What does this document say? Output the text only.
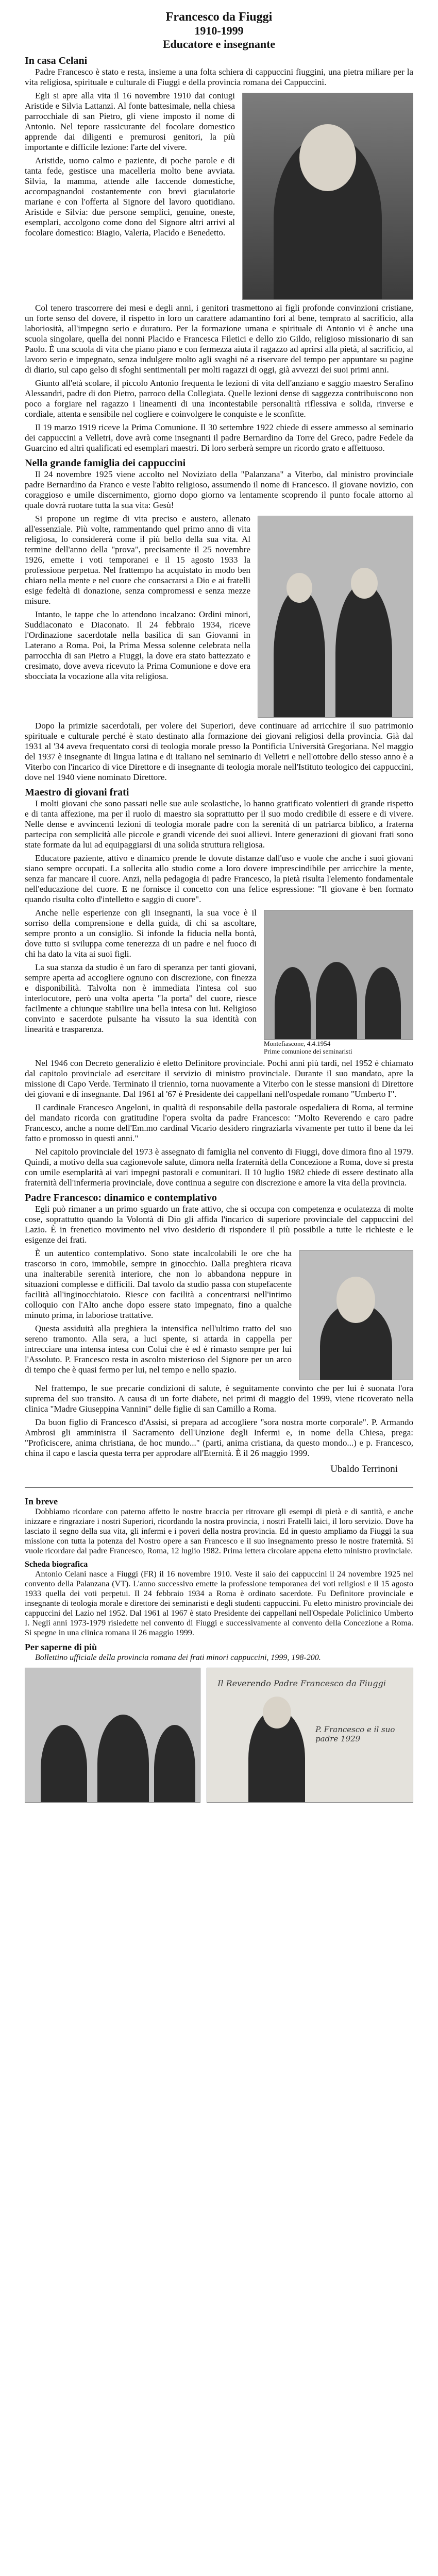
Francesco da Fiuggi
1910-1999
Educatore e insegnante
In casa Celani

Padre Francesco è stato e resta, insieme a una folta schiera di cappuccini fiuggini, una pietra miliare per la vita religiosa, spirituale e culturale di Fiuggi e della provincia romana dei Cappuccini.

Egli si apre alla vita il 16 novembre 1910 dai coniugi Aristide e Silvia Lattanzi. Al fonte battesimale, nella chiesa parrocchiale di san Pietro, gli viene imposto il nome di Antonio. Nel tepore rassicurante del focolare domestico apprende dai diligenti e premurosi genitori, la più importante e difficile lezione: l'arte del vivere.

Aristide, uomo calmo e paziente, di poche parole e di tanta fede, gestisce una macelleria molto bene avviata. Silvia, la mamma, attende alle faccende domestiche, accompagnandoi costantemente con brevi giaculatorie mariane e con l'offerta al Signore del lavoro quotidiano. Aristide e Silvia: due persone semplici, genuine, oneste, esemplari, accolgono come dono del Signore altri arrivi al focolare domestico: Biagio, Valeria, Placido e Benedetto.

Col tenero trascorrere dei mesi e degli anni, i genitori trasmettono ai figli profonde convinzioni cristiane, un forte senso del dovere, il rispetto in loro un carattere adamantino fori al bene, temprato al sacrificio, alla laboriosità, all'impegno serio e duraturo. Per la formazione umana e spirituale di Antonio vi è anche una scuola singolare, quella dei nonni Placido e Francesca Filetici e dello zio Gildo, religioso missionario di san Paolo. È una scuola di vita che piano piano e con fermezza aiuta il ragazzo ad aprirsi alla pietà, al sacrificio, al lavoro serio e impegnato, senza indulgere molto agli svaghi né a riservare del tempo per appuntare su pagine di diario, sul capo gelso di sfoghi sentimentali per molti ragazzi di oggi, già avvezzi dei suoi primi anni.

Giunto all'età scolare, il piccolo Antonio frequenta le lezioni di vita dell'anziano e saggio maestro Serafino Alessandri, padre di don Pietro, parroco della Collegiata. Quelle lezioni dense di saggezza contribuiscono non poco a forgiare nel ragazzo i lineamenti di una incontestabile personalità riflessiva e solida, rinverse e cordiale, attenta e sensibile nel cogliere e coinvolgere le conquiste e le sconfitte.

Il 19 marzo 1919 riceve la Prima Comunione. Il 30 settembre 1922 chiede di essere ammesso al seminario dei cappuccini a Velletri, dove avrà come insegnanti il padre Bernardino da Torre del Greco, padre Fedele da Guarcino ed altri qualificati ed esemplari maestri. Di loro serberà sempre un ricordo grato e affettuoso.

Nella grande famiglia dei cappuccini

Il 24 novembre 1925 viene accolto nel Noviziato della "Palanzana" a Viterbo, dal ministro provinciale padre Bernardino da Franco e veste l'abito religioso, assumendo il nome di Francesco. Il giovane novizio, con coraggioso e umile discernimento, giorno dopo giorno va lentamente scoprendo il punto focale attorno al quale dovrà ruotare tutta la sua vita: Gesù!

Si propone un regime di vita preciso e austero, allenato all'essenziale. Più volte, rammentando quel primo anno di vita religiosa, lo considererà come il più bello della sua vita. Al termine dell'anno della "prova", precisamente il 25 novembre 1926, emette i voti temporanei e il 15 agosto 1933 la professione perpetua. Nel frattempo ha acquistato in modo ben chiaro nella mente e nel cuore che consacrarsi a Dio e ai fratelli esige fedeltà di donazione, senza compromessi e senza mezze misure.

Intanto, le tappe che lo attendono incalzano: Ordini minori, Suddiaconato e Diaconato. Il 24 febbraio 1934, riceve l'Ordinazione sacerdotale nella basilica di san Giovanni in Laterano a Roma. Poi, la Prima Messa solenne celebrata nella parrocchia di san Pietro a Fiuggi, la dove era stato battezzato e cresimato, dove aveva ricevuto la Prima Comunione e dove era sbocciata la vocazione alla vita religiosa.

Dopo la primizie sacerdotali, per volere dei Superiori, deve continuare ad arricchire il suo patrimonio spirituale e culturale perché è stato destinato alla formazione dei giovani religiosi della provincia. Già dal 1931 al '34 aveva frequentato corsi di teologia morale presso la Pontificia Università Gregoriana. Nel maggio del 1937 è insegnante di lingua latina e di italiano nel seminario di Velletri e nell'ottobre dello stesso anno è a Viterbo con l'incarico di vice Direttore e di insegnante di teologia morale nell'Istituto teologico dei cappuccini, dove nel 1940 viene nominato Direttore.

Maestro di giovani frati

I molti giovani che sono passati nelle sue aule scolastiche, lo hanno gratificato volentieri di grande rispetto e di tanta affezione, ma per il ruolo di maestro sia soprattutto per il suo modo credibile di essere e di vivere. Nelle dense e avvincenti lezioni di teologia morale padre con la serenità di un patriarca biblico, a fraterna partecipa con semplicità alle piccole e grandi vicende dei suoi allievi. Intere generazioni di giovani frati sono state formate da lui ad equipaggiarsi di una solida struttura religiosa.

Educatore paziente, attivo e dinamico prende le dovute distanze dall'uso e vuole che anche i suoi giovani siano sempre occupati. La sollecita allo studio come a loro dovere imprescindibile per arricchire la mente, senza far mancare il cuore. Anzi, nella pedagogia di padre Francesco, la pietà risulta l'elemento fondamentale nell'educazione del cuore. E ne fornisce il concetto con una felice espressione: "Il giovane è ben formato quando risulta colto d'intelletto e saggio di cuore".

Montefiascone, 4.4.1954
Prime comunione dei seminaristi

Anche nelle esperienze con gli insegnanti, la sua voce è il sorriso della comprensione e della guida, di chi sa ascoltare, sempre pronto a un consiglio. Si infonde la fiducia nella bontà, dove tutto si sviluppa come tenerezza di un padre e nel fuoco di chi ha dato la vita ai suoi figli.

La sua stanza da studio è un faro di speranza per tanti giovani, sempre aperta ad accogliere ognuno con discrezione, con finezza e disponibilità. Talvolta non è immediata l'intesa col suo interlocutore, però una volta aperta "la porta" del cuore, riesce facilmente a chiunque stabilire una bella intesa con lui. Religioso convinto e sacerdote pulsante ha vissuto la sua identità con linearità e trasparenza.

Nel 1946 con Decreto generalizio è eletto Definitore provinciale. Pochi anni più tardi, nel 1952 è chiamato dal capitolo provinciale ad esercitare il servizio di ministro provinciale. Durante il suo mandato, apre la missione di Capo Verde. Terminato il triennio, torna nuovamente a Viterbo con le stesse mansioni di Direttore dei giovani e di insegnante. Dal 1961 al '67 è Presidente dei cappellani nell'ospedale romano "Umberto I".

Il cardinale Francesco Angeloni, in qualità di responsabile della pastorale ospedaliera di Roma, al termine del mandato ricorda con gratitudine l'opera svolta da padre Francesco: "Molto Reverendo e caro padre Francesco, anche a nome dell'Em.mo cardinal Vicario desidero ringraziarla vivamente per tutto il bene da lei fatto e promosso in questi anni."

Nel capitolo provinciale del 1973 è assegnato di famiglia nel convento di Fiuggi, dove dimora fino al 1979. Quindi, a motivo della sua cagionevole salute, dimora nella fraternità della Concezione a Roma, dove si presta con umile esemplarità ai vari impegni pastorali e comunitari. Il 10 luglio 1982 chiede di essere destinato alla fraternità dell'infermeria provinciale, dove continua a seguire con discrezione e amore la vita della provincia.

Padre Francesco: dinamico e contemplativo

Egli può rimaner a un primo sguardo un frate attivo, che si occupa con competenza e oculatezza di molte cose, soprattutto quando la Volontà di Dio gli affida l'incarico di superiore provinciale del cappuccini del Lazio. È in frenetico movimento nel vivo desiderio di rispondere il più possibile a tutte le richieste e le esigenze dei frati.

È un autentico contemplativo. Sono state incalcolabili le ore che ha trascorso in coro, immobile, sempre in ginocchio. Dalla preghiera ricava una inalterabile serenità interiore, che non lo abbandona neppure in situazioni complesse e difficili. Dal tavolo da studio passa con stupefacente facilità all'inginocchiatoio. Riesce con facilità a concentrarsi nell'intimo colloquio con l'Alto anche dopo essere stato impegnato, fino a qualche minuto prima, in laboriose trattative.

Questa assiduità alla preghiera la intensifica nell'ultimo tratto del suo sereno tramonto. Alla sera, a luci spente, si attarda in cappella per intrecciare una intensa intesa con Colui che è ed è rimasto sempre per lui l'Assoluto. P. Francesco resta in ascolto misterioso del Signore per un arco di tempo che è quasi fermo per lui, nel tempo e nello spazio.

Nel frattempo, le sue precarie condizioni di salute, è seguitamente convinto che per lui è suonata l'ora suprema del suo transito. A causa di un forte diabete, nei primi di maggio del 1999, viene ricoverato nella clinica "Madre Giuseppina Vannini" delle figlie di san Camillo a Roma.

Da buon figlio di Francesco d'Assisi, si prepara ad accogliere "sora nostra morte corporale". P. Armando Ambrosi gli amministra il Sacramento dell'Unzione degli Infermi e, in nome della Chiesa, prega: "Proficiscere, anima christiana, de hoc mundo..." (parti, anima cristiana, da questo mondo...) e p. Francesco, china il capo e lascia questa terra per approdare all'Eternità. È il 26 maggio 1999.

Ubaldo Terrinoni
In breve

Dobbiamo ricordare con paterno affetto le nostre braccia per ritrovare gli esempi di pietà e di santità, e anche inizzare e ringraziare i nostri Superiori, ricordando la nostra provincia, i nostri Fratelli laici, il loro servizio. Dove ha lasciato il segno della sua vita, gli infermi e i poveri della nostra provincia. Ed in questo ampliamo da Fiuggi la sua missione con tutta la potenza del Nostro opere a san Francesco e il suo insegnamento presso le nostre fraternità. Si vuole ricordare dal padre Francesco, Roma, 12 luglio 1982. Prima lettera circolare appena eletto ministro provinciale.

Scheda biografica

Antonio Celani nasce a Fiuggi (FR) il 16 novembre 1910. Veste il saio dei cappuccini il 24 novembre 1925 nel convento della Palanzana (VT). L'anno successivo emette la professione temporanea dei voti religiosi e il 15 agosto 1933 quella dei voti perpetui. Il 24 febbraio 1934 a Roma è ordinato sacerdote. Fu Definitore provinciale e insegnante di teologia morale e direttore dei seminaristi e degli studenti cappuccini. Fu eletto ministro provinciale dei cappuccini del Lazio nel 1952. Dal 1961 al 1967 è stato Presidente dei cappellani nell'Ospedale Policlinico Umberto I. Negli anni 1973-1979 risiedette nel convento di Fiuggi e successivamente al convento della Concezione a Roma. Si spegne in una clinica romana il 26 maggio 1999.

Per saperne di più

Bollettino ufficiale della provincia romana dei frati minori cappuccini, 1999, 198-200.

Il Reverendo Padre Francesco da Fiuggi
P. Francesco e il suo padre 1929
